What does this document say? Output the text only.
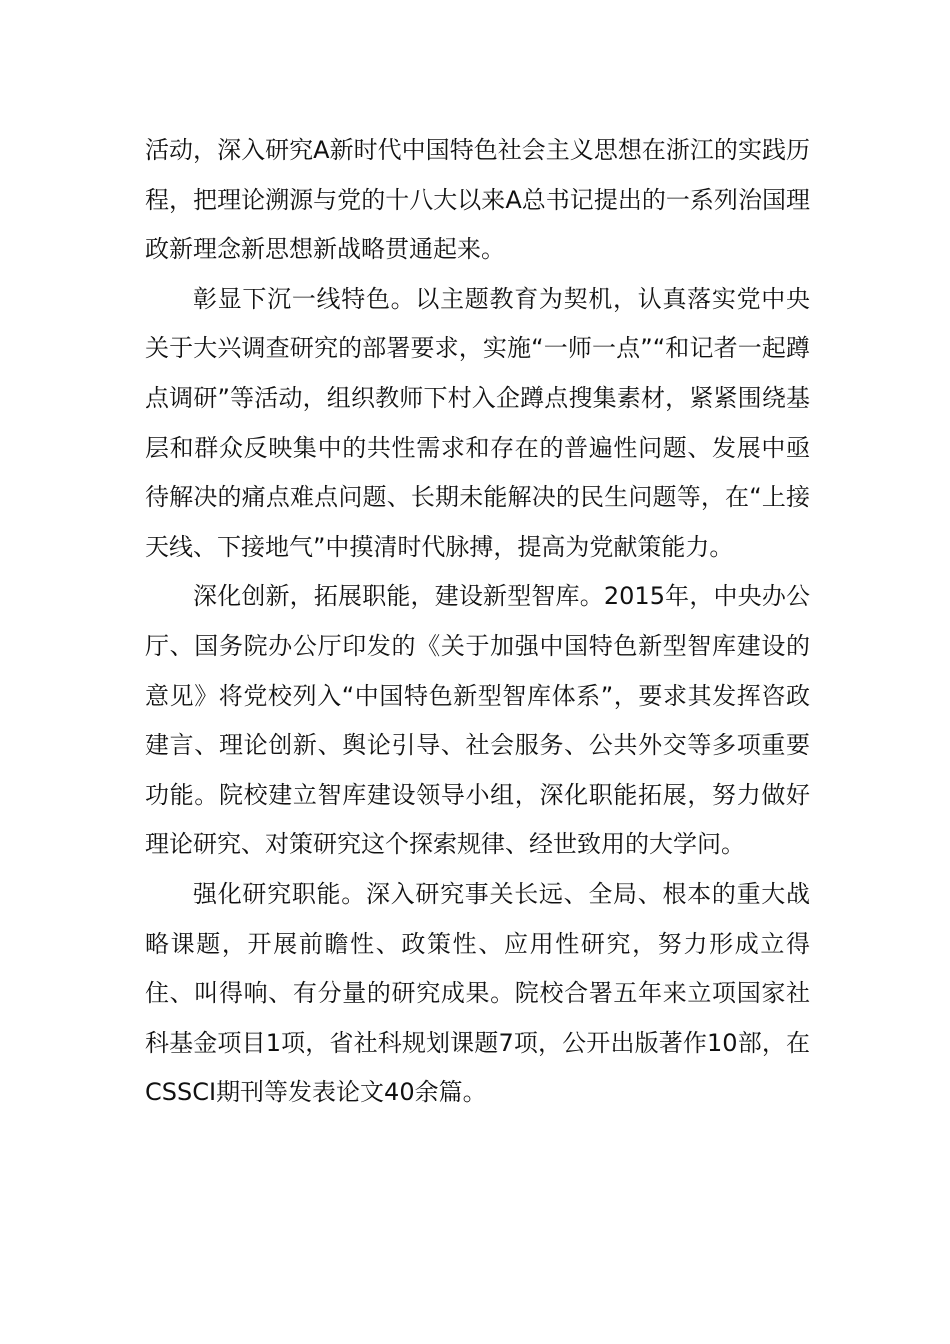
活动，深入研究A新时代中国特色社会主义思想在浙江的实践历程，把理论溯源与党的十八大以来A总书记提出的一系列治国理政新理念新思想新战略贯通起来。

彰显下沉一线特色。以主题教育为契机，认真落实党中央关于大兴调查研究的部署要求，实施“一师一点”“和记者一起蹲点调研”等活动，组织教师下村入企蹲点搜集素材，紧紧围绕基层和群众反映集中的共性需求和存在的普遍性问题、发展中亟待解决的痛点难点问题、长期未能解决的民生问题等，在“上接天线、下接地气”中摸清时代脉搏，提高为党献策能力。

深化创新，拓展职能，建设新型智库。2015年，中央办公厅、国务院办公厅印发的《关于加强中国特色新型智库建设的意见》将党校列入“中国特色新型智库体系”，要求其发挥咨政建言、理论创新、舆论引导、社会服务、公共外交等多项重要功能。院校建立智库建设领导小组，深化职能拓展，努力做好理论研究、对策研究这个探索规律、经世致用的大学问。

强化研究职能。深入研究事关长远、全局、根本的重大战略课题，开展前瞻性、政策性、应用性研究，努力形成立得住、叫得响、有分量的研究成果。院校合署五年来立项国家社科基金项目1项，省社科规划课题7项，公开出版著作10部，在CSSCI期刊等发表论文40余篇。
